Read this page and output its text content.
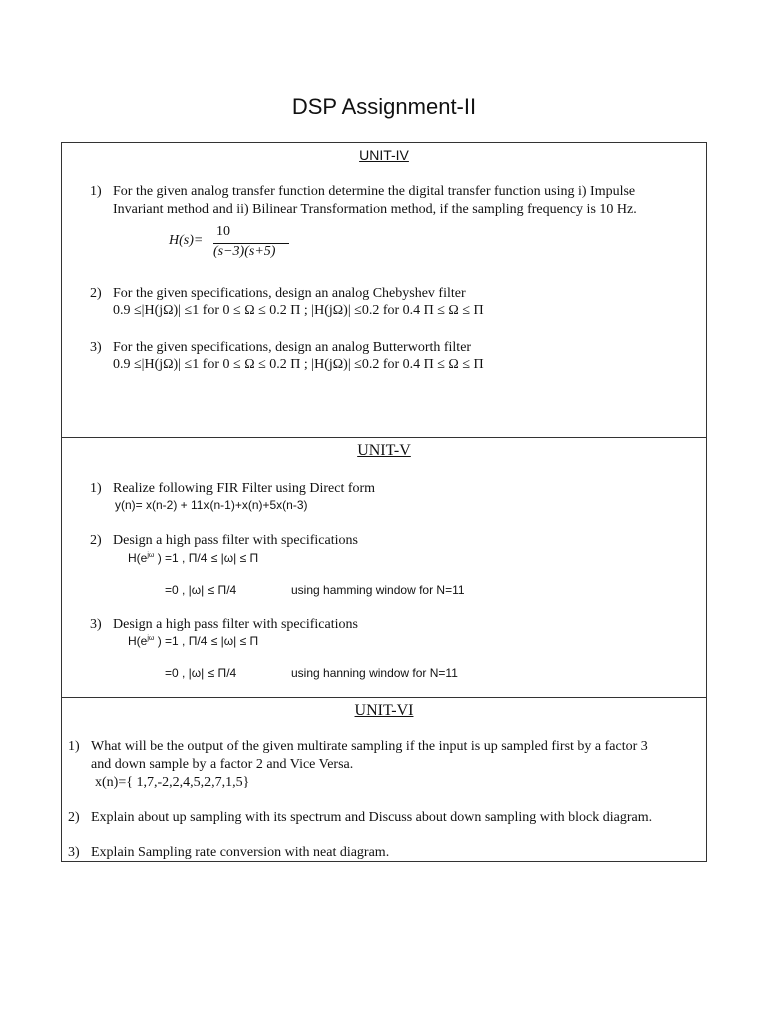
DSP Assignment-II
UNIT-IV
1) For the given analog transfer function determine the digital transfer function using i) Impulse
Invariant method and ii) Bilinear Transformation method, if the sampling frequency is 10 Hz.
H(s)=
10
(s−3)(s+5)
2) For the given specifications, design an analog Chebyshev filter
0.9 ≤|H(jΩ)| ≤1 for 0 ≤ Ω ≤ 0.2 Π ; |H(jΩ)| ≤0.2 for 0.4 Π ≤ Ω ≤ Π
3) For the given specifications, design an analog Butterworth filter
0.9 ≤|H(jΩ)| ≤1 for 0 ≤ Ω ≤ 0.2 Π ; |H(jΩ)| ≤0.2 for 0.4 Π ≤ Ω ≤ Π
UNIT-V
1) Realize following FIR Filter using Direct form
y(n)= x(n-2) + 11x(n-1)+x(n)+5x(n-3)
2) Design a high pass filter with specifications
$H(e^{j\omega}$ ) =1 , Π/4 ≤ |ω| ≤ Π
=0 , |ω| ≤ Π/4	using hamming window for N=11
3) Design a high pass filter with specifications
$H(e^{j\omega}$ ) =1 , Π/4 ≤ |ω| ≤ Π
=0 , |ω| ≤ Π/4	using hanning window for N=11
UNIT-VI
1) What will be the output of the given multirate sampling if the input is up sampled first by a factor 3
and down sample by a factor 2 and Vice Versa.
x(n)={ 1,7,-2,2,4,5,2,7,1,5}
2) Explain about up sampling with its spectrum and Discuss about down sampling with block diagram.
3) Explain Sampling rate conversion with neat diagram.
